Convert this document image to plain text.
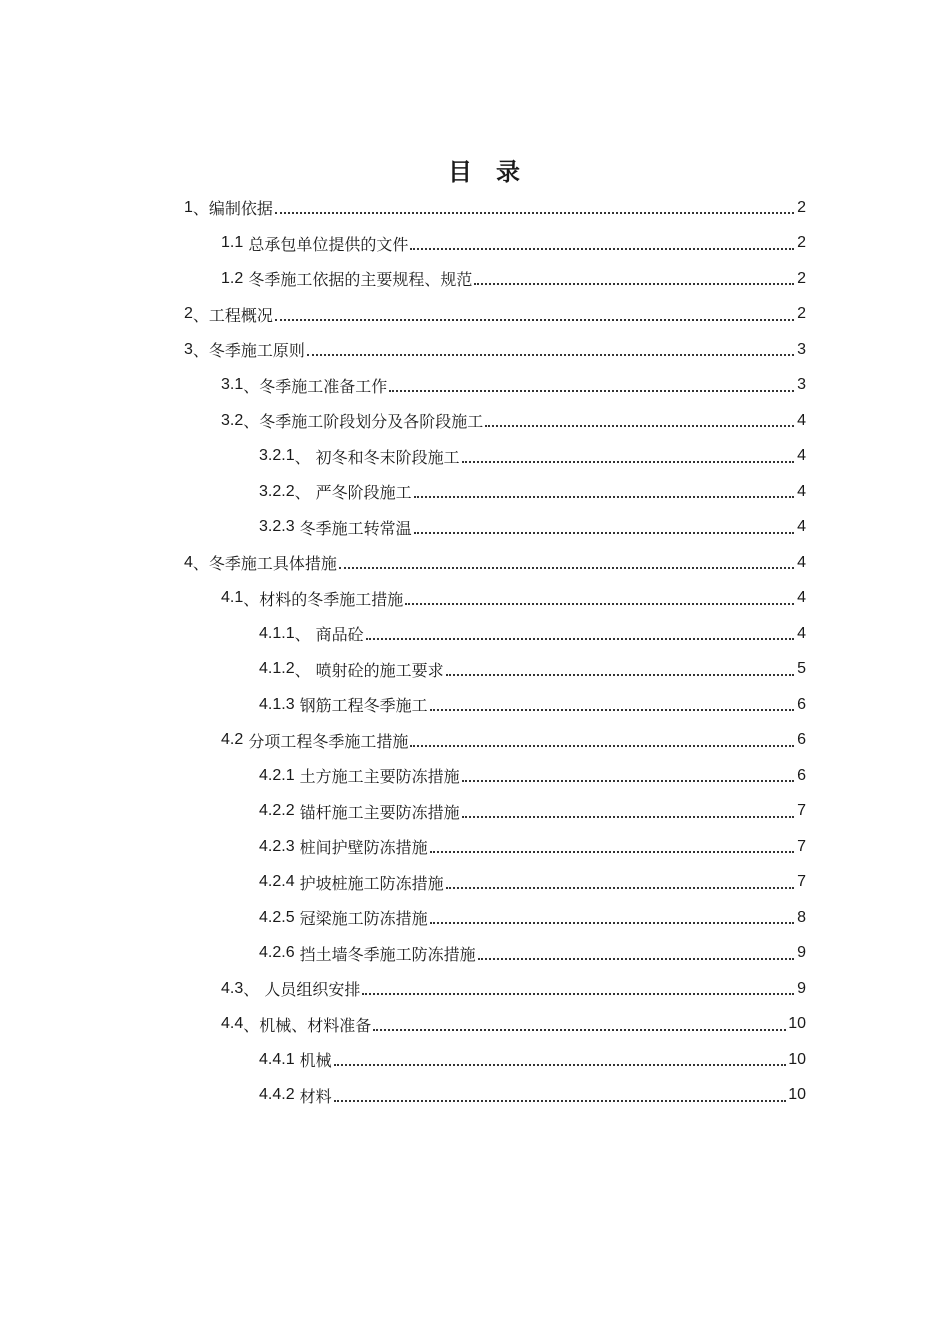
目录
1 、编制依据	2
1.1 总承包单位提供的文件	2
1.2 冬季施工依据的主要规程、规范	2
2 、工程概况	2
3 、冬季施工原则	3
3.1 、冬季施工准备工作	3
3.2 、冬季施工阶段划分及各阶段施工	4
3.2.1 、 初冬和冬末阶段施工	4
3.2.2 、 严冬阶段施工	4
3.2.3 冬季施工转常温	4
4 、冬季施工具体措施	4
4.1 、材料的冬季施工措施	4
4.1.1 、 商品砼	4
4.1.2 、 喷射砼的施工要求	5
4.1.3 钢筋工程冬季施工	6
4.2 分项工程冬季施工措施	6
4.2.1 土方施工主要防冻措施	6
4.2.2 锚杆施工主要防冻措施	7
4.2.3 桩间护壁防冻措施	7
4.2.4 护坡桩施工防冻措施	7
4.2.5 冠梁施工防冻措施	8
4.2.6 挡土墙冬季施工防冻措施	9
4.3 、 人员组织安排	9
4.4 、机械、材料准备	10
4.4.1 机械	10
4.4.2 材料	10
